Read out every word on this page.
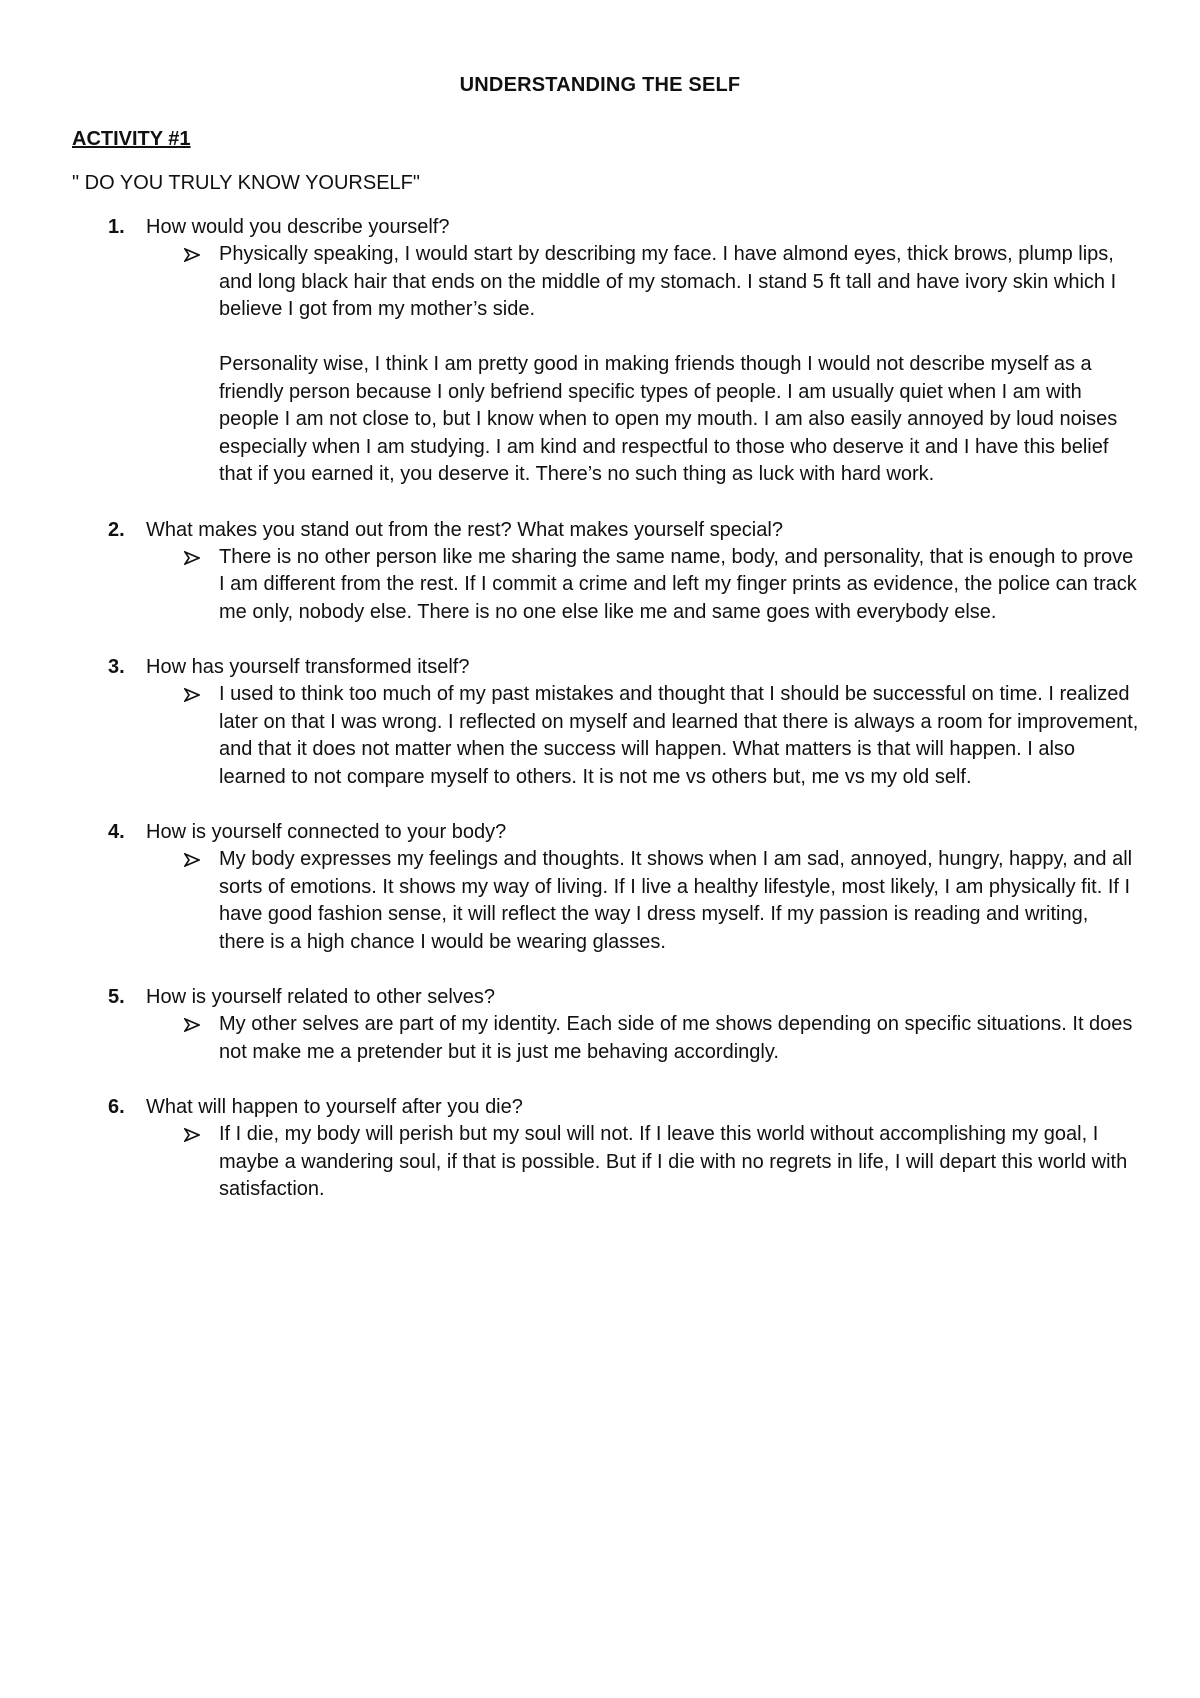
UNDERSTANDING THE SELF
ACTIVITY #1
" DO YOU TRULY KNOW YOURSELF"
1. How would you describe yourself?

Physically speaking, I would start by describing my face. I have almond eyes, thick brows, plump lips, and long black hair that ends on the middle of my stomach. I stand 5 ft tall and have ivory skin which I believe I got from my mother’s side.

Personality wise, I think I am pretty good in making friends though I would not describe myself as a friendly person because I only befriend specific types of people. I am usually quiet when I am with people I am not close to, but I know when to open my mouth. I am also easily annoyed by loud noises especially when I am studying. I am kind and respectful to those who deserve it and I have this belief that if you earned it, you deserve it. There’s no such thing as luck with hard work.

2. What makes you stand out from the rest? What makes yourself special?

There is no other person like me sharing the same name, body, and personality, that is enough to prove I am different from the rest. If I commit a crime and left my finger prints as evidence, the police can track me only, nobody else. There is no one else like me and same goes with everybody else.

3. How has yourself transformed itself?

I used to think too much of my past mistakes and thought that I should be successful on time. I realized later on that I was wrong. I reflected on myself and learned that there is always a room for improvement, and that it does not matter when the success will happen. What matters is that will happen. I also learned to not compare myself to others. It is not me vs others but, me vs my old self.

4. How is yourself connected to your body?

My body expresses my feelings and thoughts. It shows when I am sad, annoyed, hungry, happy, and all sorts of emotions. It shows my way of living. If I live a healthy lifestyle, most likely, I am physically fit. If I have good fashion sense, it will reflect the way I dress myself. If my passion is reading and writing, there is a high chance I would be wearing glasses.

5. How is yourself related to other selves?

My other selves are part of my identity. Each side of me shows depending on specific situations. It does not make me a pretender but it is just me behaving accordingly.

6. What will happen to yourself after you die?

If I die, my body will perish but my soul will not. If I leave this world without accomplishing my goal, I maybe a wandering soul, if that is possible. But if I die with no regrets in life, I will depart this world with satisfaction.
